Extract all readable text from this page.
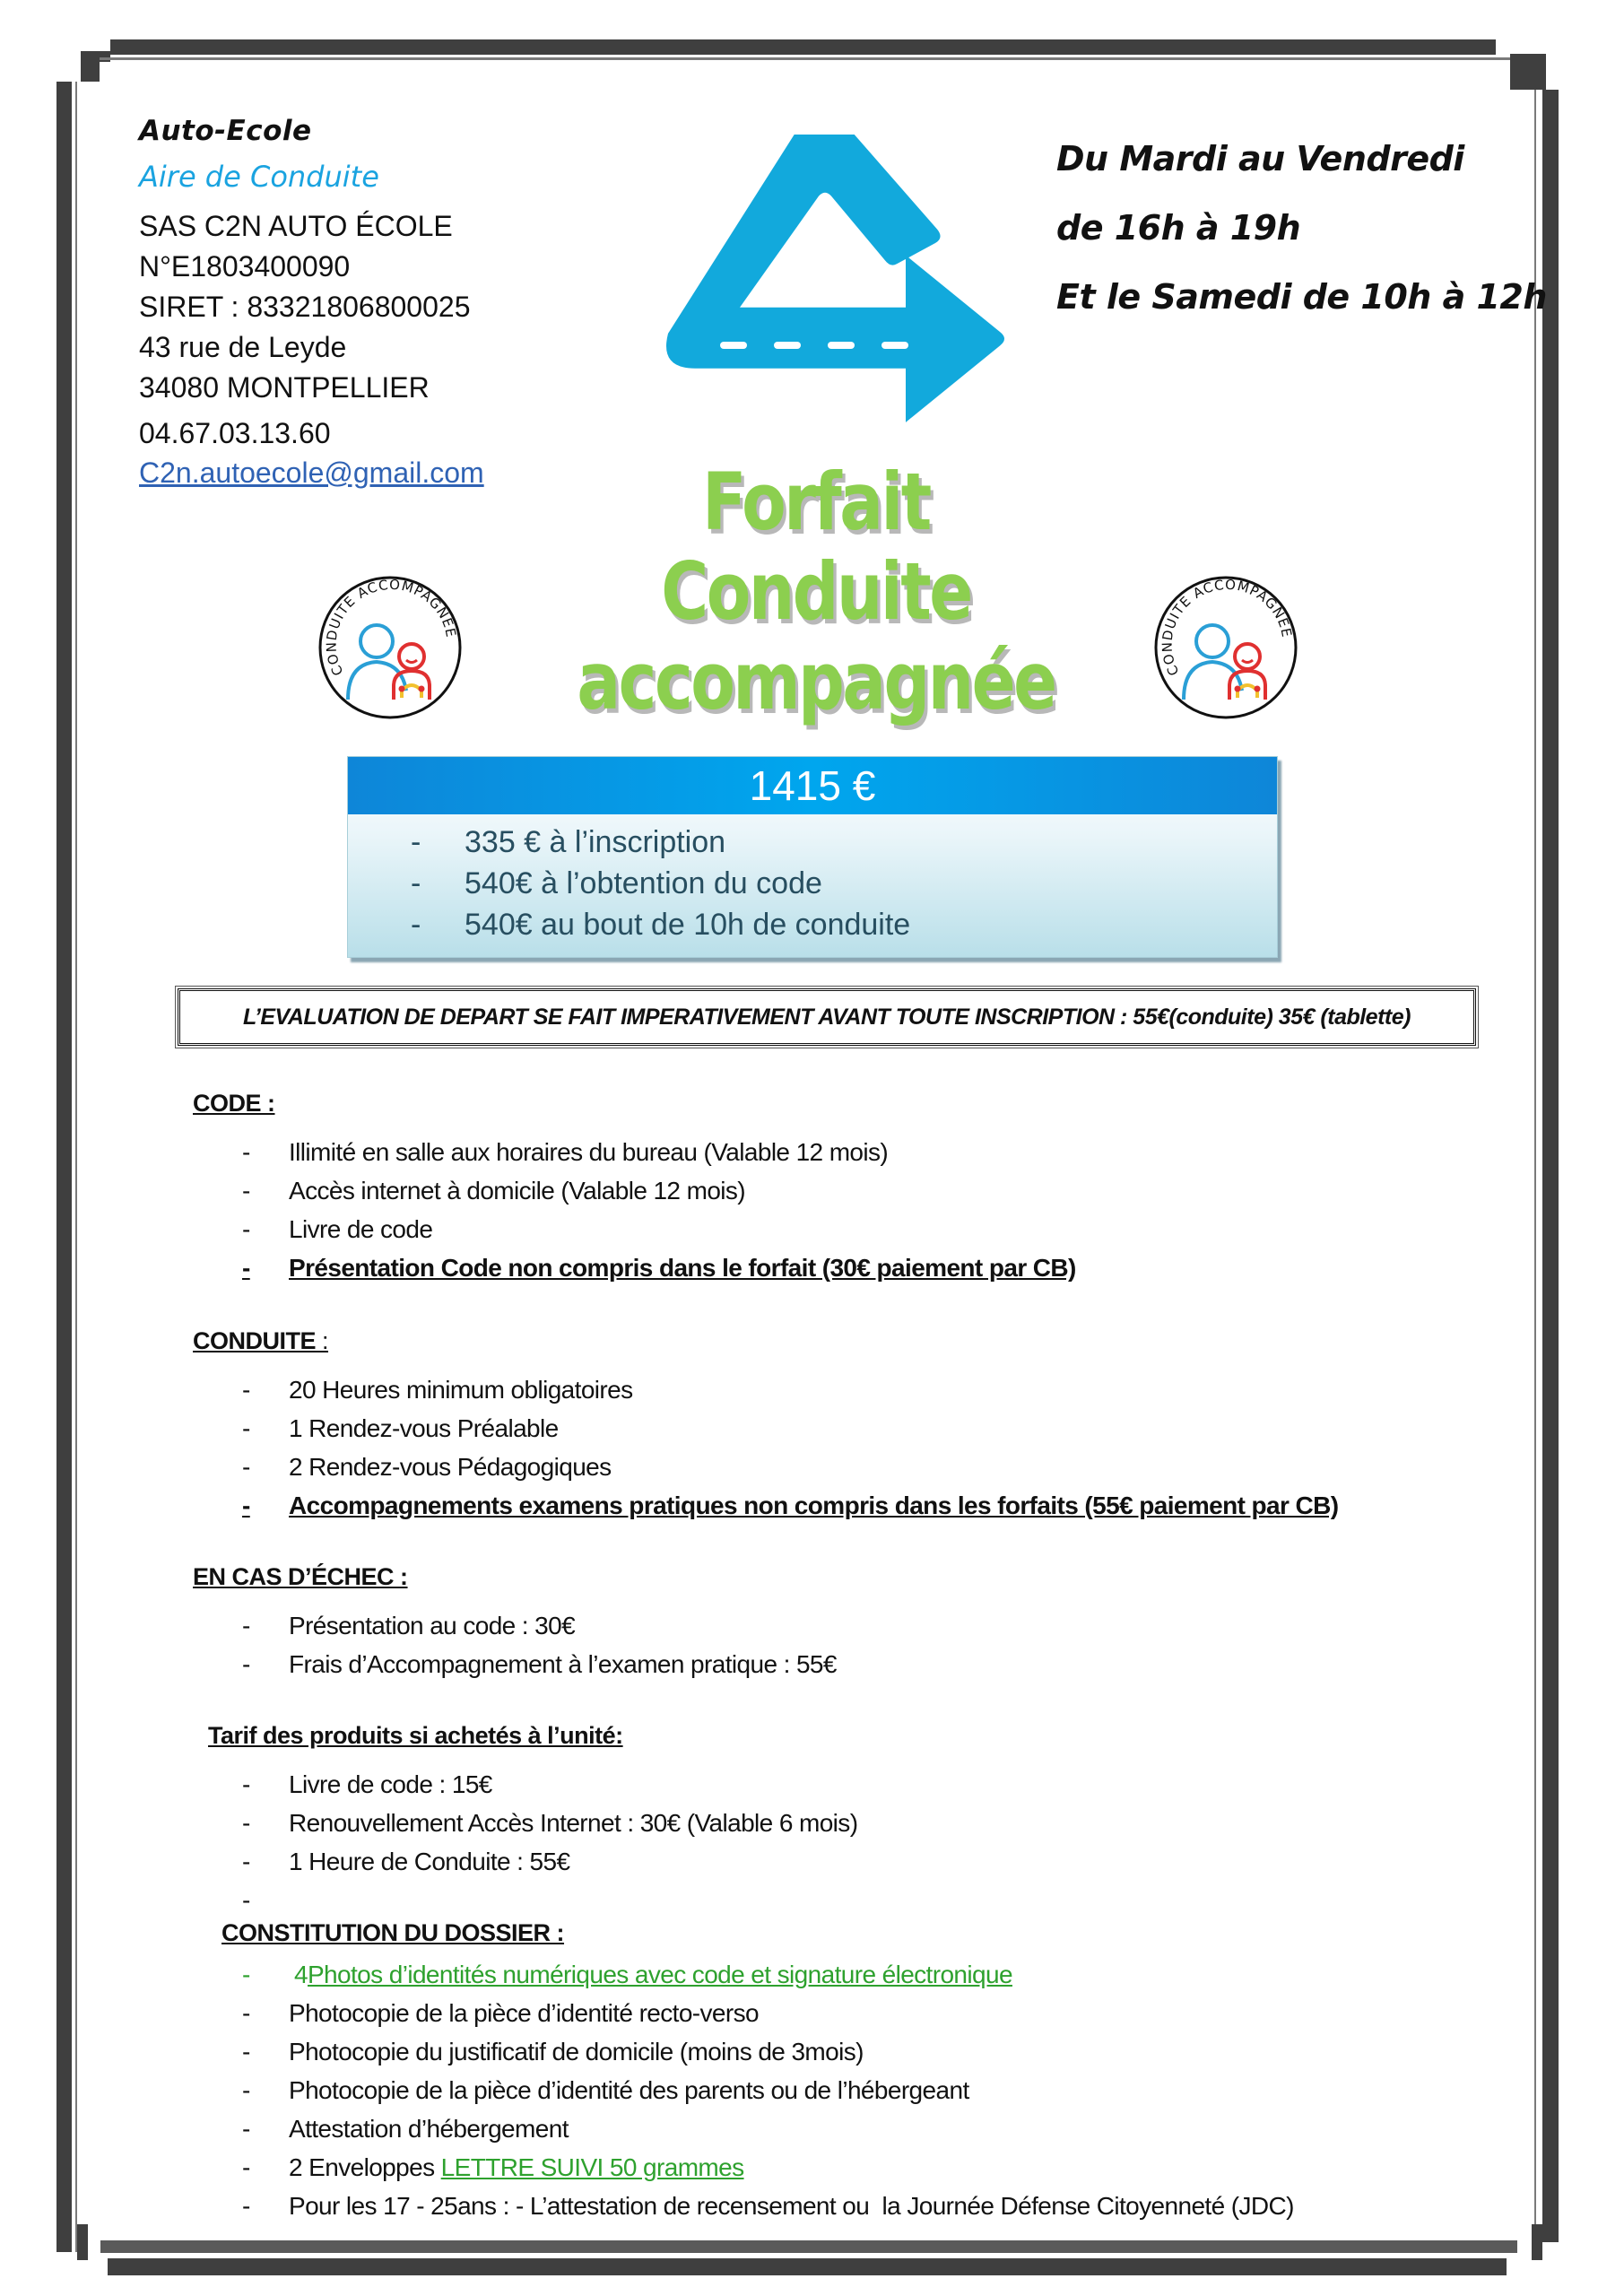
Auto-Ecole
Aire de Conduite
SAS C2N AUTO ÉCOLE
N°E1803400090
SIRET : 83321806800025
43 rue de Leyde
34080 MONTPELLIER
04.67.03.13.60
C2n.autoecole@gmail.com
Du Mardi au Vendredi
de 16h à 19h
Et le Samedi de 10h à 12h
CONDUITE ACCOMPAGNÉE
CONDUITE ACCOMPAGNÉE
Forfait
Conduite
accompagnée
1415 €
-	335 € à l’inscription
-	540€ à l’obtention du code
-	540€ au bout de 10h de conduite
L’EVALUATION DE DEPART SE FAIT IMPERATIVEMENT AVANT TOUTE INSCRIPTION : 55€(conduite) 35€ (tablette)
CODE :
-	Illimité en salle aux horaires du bureau (Valable 12 mois)
-	Accès internet à domicile (Valable 12 mois)
-	Livre de code
-	Présentation Code non compris dans le forfait (30€ paiement par CB)
CONDUITE :
-	20 Heures minimum obligatoires
-	1 Rendez-vous Préalable
-	2 Rendez-vous Pédagogiques
-	Accompagnements examens pratiques non compris dans les forfaits (55€ paiement par CB)
EN CAS D’ÉCHEC :
-	Présentation au code : 30€
-	Frais d’Accompagnement à l’examen pratique : 55€
Tarif des produits si achetés à l’unité:
-	Livre de code : 15€
-	Renouvellement Accès Internet : 30€ (Valable 6 mois)
-	1 Heure de Conduite : 55€
-
CONSTITUTION DU DOSSIER :
-	4 Photos d’identités numériques avec code et signature électronique
-	Photocopie de la pièce d’identité recto-verso
-	Photocopie du justificatif de domicile (moins de 3mois)
-	Photocopie de la pièce d’identité des parents ou de l’hébergeant
-	Attestation d’hébergement
-	2 Enveloppes LETTRE SUIVI 50 grammes
-	Pour les 17 - 25ans : - L’attestation de recensement ou  la Journée Défense Citoyenneté (JDC)
